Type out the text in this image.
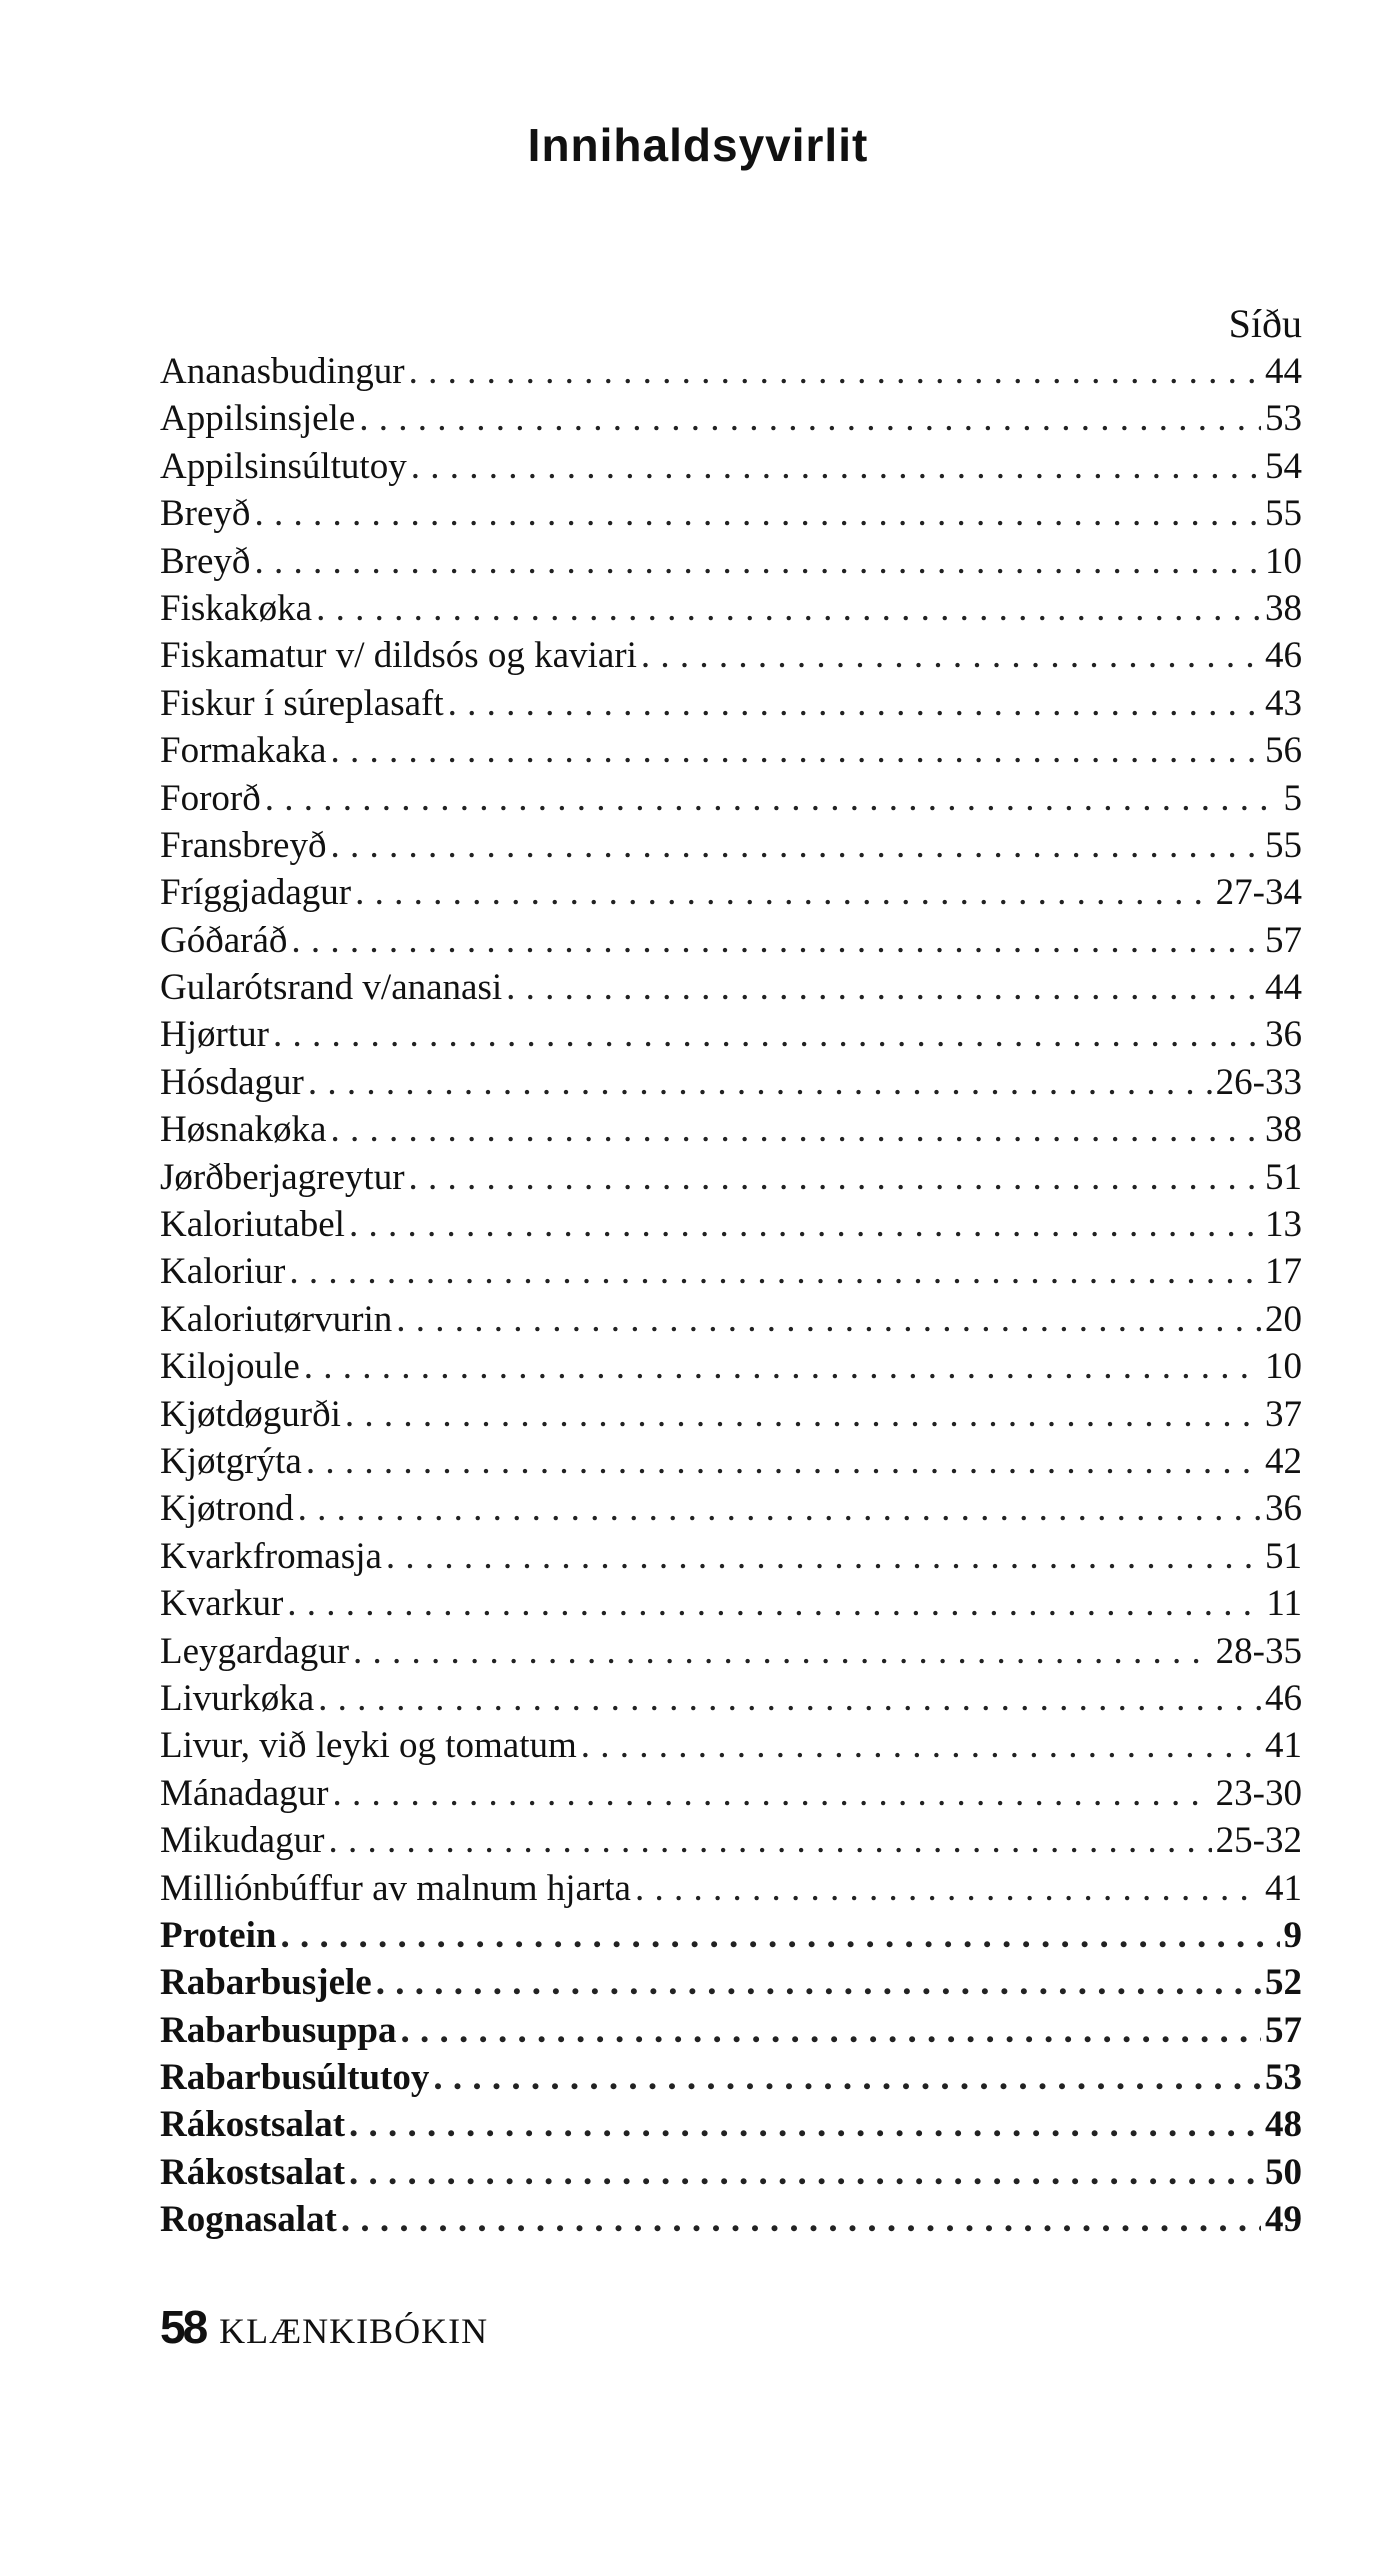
Innihaldsyvirlit
Síðu
Ananasbudingur . . .	44
Appilsinsjele . . .	53
Appilsinsúltutoy . . .	54
Breyð . . .	55
Breyð . . .	10
Fiskakøka . . .	38
Fiskamatur v/ dildsós og kaviari . . .	46
Fiskur í súreplasaft . . .	43
Formakaka . . .	56
Fororð . . .	5
Fransbreyð . . .	55
Fríggjadagur . . .	27-34
Góðaráð . . .	57
Gularótsrand v/ananasi . . .	44
Hjørtur . . .	36
Hósdagur . . .	26-33
Høsnakøka . . .	38
Jørðberjagreytur . . .	51
Kaloriutabel . . .	13
Kaloriur . . .	17
Kaloriutørvurin . . .	20
Kilojoule . . .	10
Kjøtdøgurði . . .	37
Kjøtgrýta . . .	42
Kjøtrond . . .	36
Kvarkfromasja . . .	51
Kvarkur . . .	11
Leygardagur . . .	28-35
Livurkøka . . .	46
Livur, við leyki og tomatum . . .	41
Mánadagur . . .	23-30
Mikudagur . . .	25-32
Milliónbúffur av malnum hjarta . . .	41
Protein . . .	9
Rabarbusjele . . .	52
Rabarbusuppa . . .	57
Rabarbusúltutoy . . .	53
Rákostsalat . . .	48
Rákostsalat . . .	50
Rognasalat . . .	49
58 KLÆNKIBÓKIN
